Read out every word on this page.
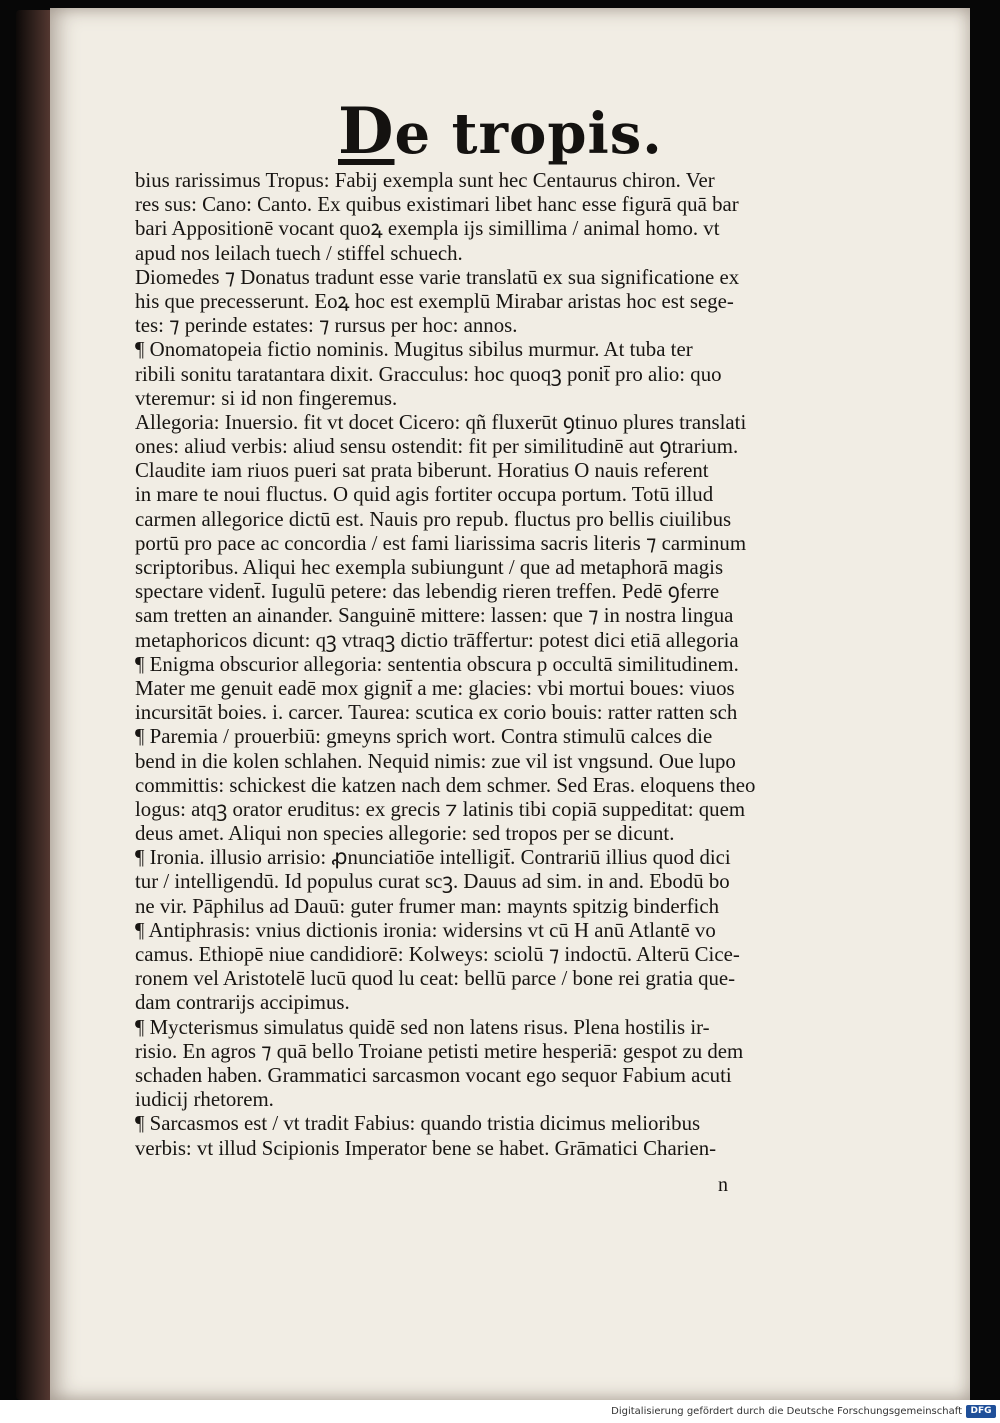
De tropis.
bius rarissimus Tropus: Fabij exempla sunt hec Centaurus chiron. Ver
res sus: Cano: Canto. Ex quibus existimari libet hanc esse figurā quā bar
bari Appositionē vocant quoꝝ exempla ijs simillima / animal homo. vt
apud nos leilach tuech / stiffel schuech.
Diomedes ⁊ Donatus tradunt esse varie translatū ex sua significatione ex
his que precesserunt. Eoꝝ hoc est exemplū Mirabar aristas hoc est sege-
tes: ⁊ perinde estates: ⁊ rursus per hoc: annos.
¶ Onomatopeia fictio nominis. Mugitus sibilus murmur. At tuba ter
ribili sonitu taratantara dixit. Gracculus: hoc quoqꝫ ponit̄ pro alio: quo
vteremur: si id non fingeremus.
Allegoria: Inuersio. fit vt docet Cicero: qñ fluxerūt ꝯtinuo plures translati
ones: aliud verbis: aliud sensu ostendit: fit per similitudinē aut ꝯtrarium.
Claudite iam riuos pueri sat prata biberunt. Horatius O nauis referent
in mare te noui fluctus. O quid agis fortiter occupa portum. Totū illud
carmen allegorice dictū est. Nauis pro repub. fluctus pro bellis ciuilibus
portū pro pace ac concordia / est fami liarissima sacris literis ⁊ carminum
scriptoribus. Aliqui hec exempla subiungunt / que ad metaphorā magis
spectare vident̄. Iugulū petere: das lebendig rieren treffen. Pedē ꝯferre
sam tretten an ainander. Sanguinē mittere: lassen: que ⁊ in nostra lingua
metaphoricos dicunt: qꝫ vtraqꝫ dictio trāffertur: potest dici etiā allegoria
¶ Enigma obscurior allegoria: sententia obscura p occultā similitudinem.
Mater me genuit eadē mox gignit̄ a me: glacies: vbi mortui boues: viuos
incursitāt boies. i. carcer. Taurea: scutica ex corio bouis: ratter ratten sch
¶ Paremia / prouerbiū: gmeyns sprich wort. Contra stimulū calces die
bend in die kolen schlahen. Nequid nimis: zue vil ist vngsund. Oue lupo
committis: schickest die katzen nach dem schmer. Sed Eras. eloquens theo
logus: atqꝫ orator eruditus: ex grecis ⁊ latinis tibi copiā suppeditat: quem
deus amet. Aliqui non species allegorie: sed tropos per se dicunt.
¶ Ironia. illusio arrisio: ꝓnunciatiōe intelligit̄. Contrariū illius quod dici
tur / intelligendū. Id populus curat scꝫ. Dauus ad sim. in and. Ebodū bo
ne vir. Pāphilus ad Dauū: guter frumer man: maynts spitzig binderfich
¶ Antiphrasis: vnius dictionis ironia: widersins vt cū H anū Atlantē vo
camus. Ethiopē niue candidiorē: Kolweys: sciolū ⁊ indoctū. Alterū Cice-
ronem vel Aristotelē lucū quod lu ceat: bellū parce / bone rei gratia que-
dam contrarijs accipimus.
¶ Mycterismus simulatus quidē sed non latens risus. Plena hostilis ir-
risio. En agros ⁊ quā bello Troiane petisti metire hesperiā: gespot zu dem
schaden haben. Grammatici sarcasmon vocant ego sequor Fabium acuti
iudicij rhetorem.
¶ Sarcasmos est / vt tradit Fabius: quando tristia dicimus melioribus
verbis: vt illud Scipionis Imperator bene se habet. Grāmatici Charien-
n
Digitalisierung gefördert durch die Deutsche Forschungsgemeinschaft DFG
